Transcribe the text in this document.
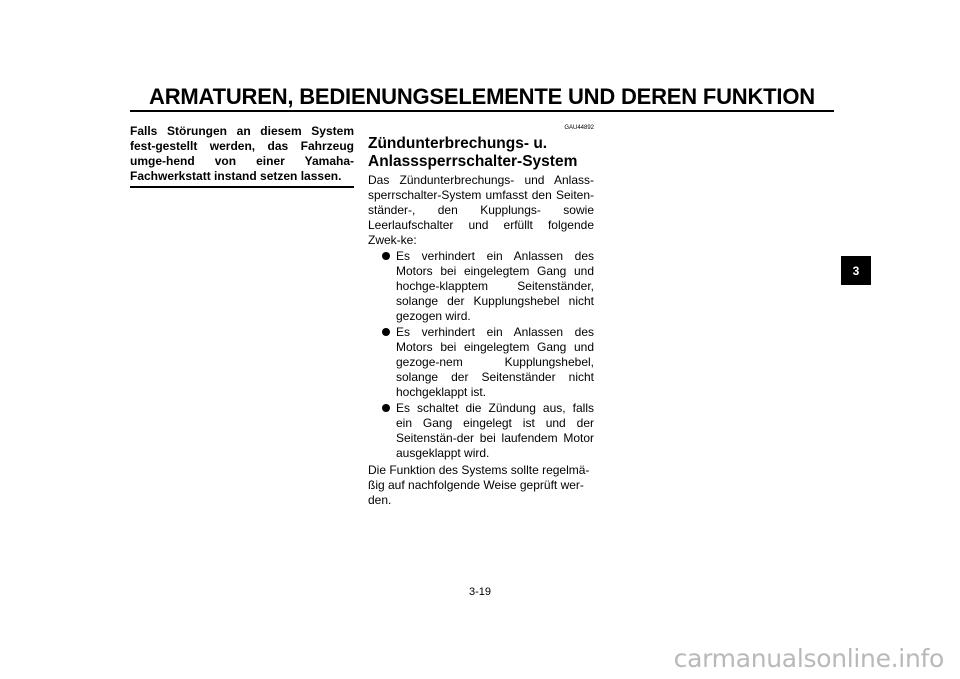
ARMATUREN, BEDIENUNGSELEMENTE UND DEREN FUNKTION
Falls Störungen an diesem System fest-gestellt werden, das Fahrzeug umge-hend von einer Yamaha-Fachwerkstatt instand setzen lassen.
GAU44892
Zündunterbrechungs- u. Anlasssperrschalter-System

Das Zündunterbrechungs- und Anlass-sperrschalter-System umfasst den Seiten-ständer-, den Kupplungs- sowie Leerlaufschalter und erfüllt folgende Zwek-ke:

Es verhindert ein Anlassen des Motors bei eingelegtem Gang und hochge-klapptem Seitenständer, solange der Kupplungshebel nicht gezogen wird.
Es verhindert ein Anlassen des Motors bei eingelegtem Gang und gezoge-nem Kupplungshebel, solange der Seitenständer nicht hochgeklappt ist.
Es schaltet die Zündung aus, falls ein Gang eingelegt ist und der Seitenstän-der bei laufendem Motor ausgeklappt wird.

Die Funktion des Systems sollte regelmä-ßig auf nachfolgende Weise geprüft wer-den.

3-19
3
carmanualsonline.info
